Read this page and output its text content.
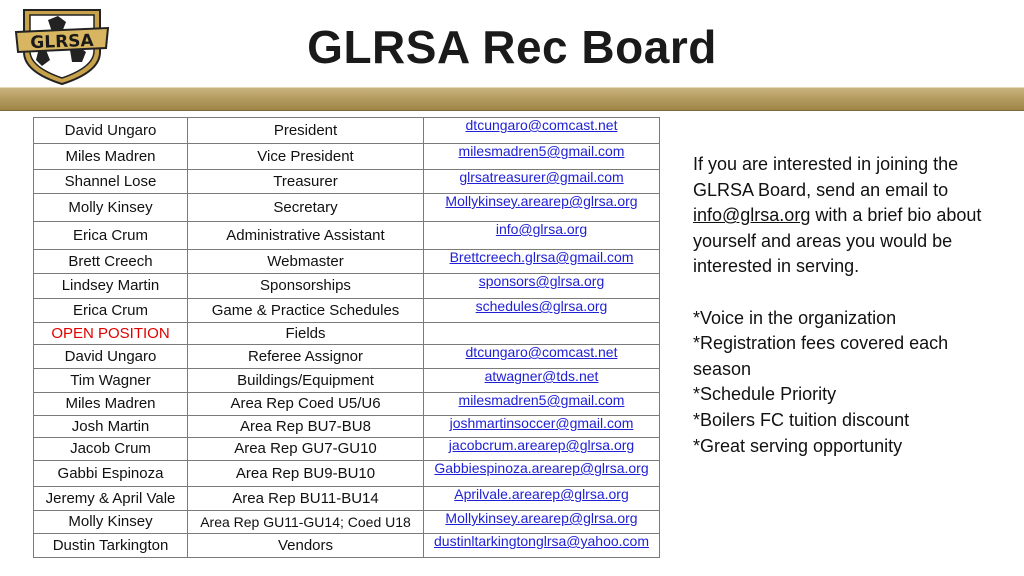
GLRSA	GLRSA Rec Board
David Ungaro	President	dtcungaro@comcast.net
Miles Madren	Vice President	milesmadren5@gmail.com
Shannel Lose	Treasurer	glrsatreasurer@gmail.com
Molly Kinsey	Secretary	Mollykinsey.arearep@glrsa.org
Erica Crum	Administrative Assistant	info@glrsa.org
Brett Creech	Webmaster	Brettcreech.glrsa@gmail.com
Lindsey Martin	Sponsorships	sponsors@glrsa.org
Erica Crum	Game & Practice Schedules	schedules@glrsa.org
OPEN POSITION	Fields	
David Ungaro	Referee Assignor	dtcungaro@comcast.net
Tim Wagner	Buildings/Equipment	atwagner@tds.net
Miles Madren	Area Rep Coed U5/U6	milesmadren5@gmail.com
Josh Martin	Area Rep BU7-BU8	joshmartinsoccer@gmail.com
Jacob Crum	Area Rep GU7-GU10	jacobcrum.arearep@glrsa.org
Gabbi Espinoza	Area Rep BU9-BU10	Gabbiespinoza.arearep@glrsa.org
Jeremy & April Vale	Area Rep BU11-BU14	Aprilvale.arearep@glrsa.org
Molly Kinsey	Area Rep GU11-GU14; Coed U18	Mollykinsey.arearep@glrsa.org
Dustin Tarkington	Vendors	dustinltarkingtonglrsa@yahoo.com

If you are interested in joining the GLRSA Board, send an email to info@glrsa.org with a brief bio about yourself and areas you would be interested in serving.

*Voice in the organization

*Registration fees covered each season

*Schedule Priority

*Boilers FC tuition discount

*Great serving opportunity
